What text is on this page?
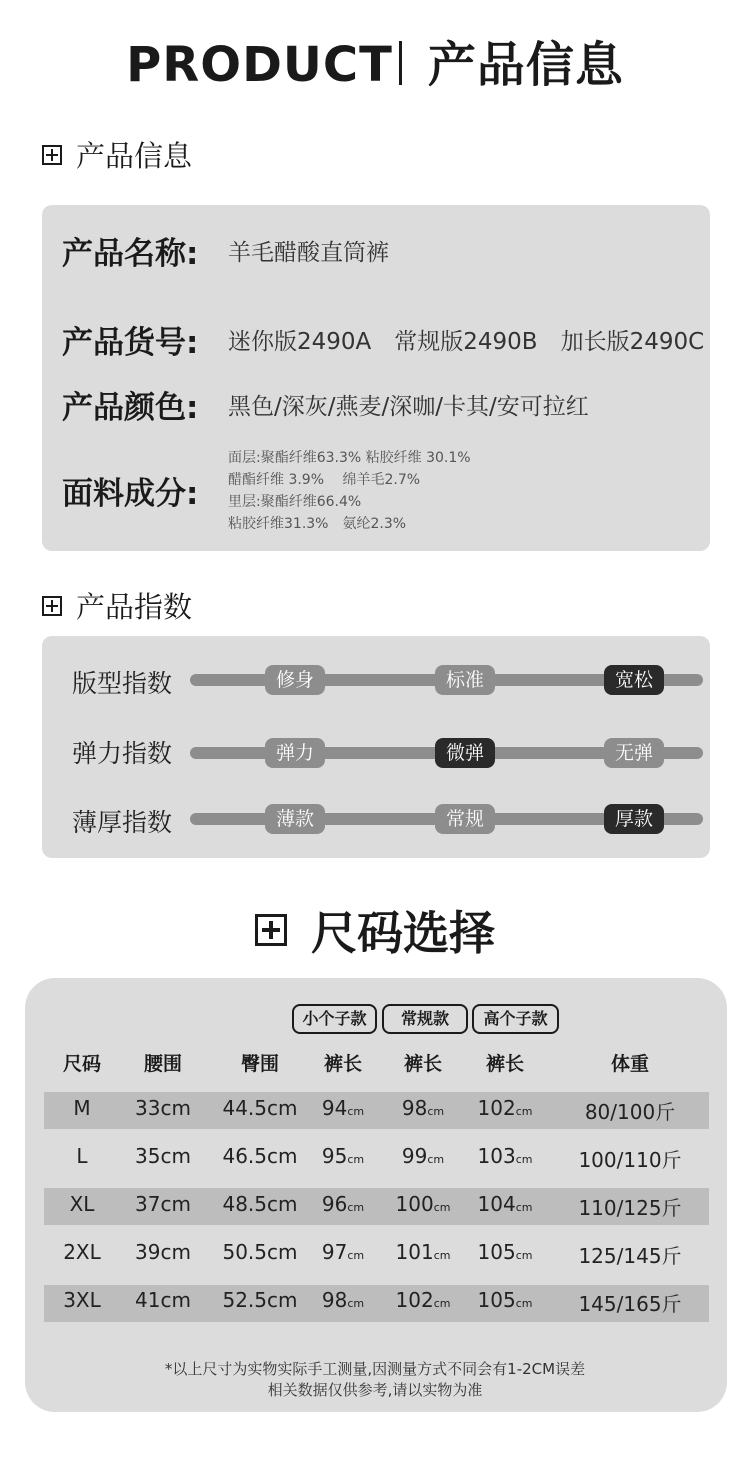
PRODUCT 产品信息
产品信息
产品名称: 羊毛醋酸直筒裤
产品货号: 迷你版2490A　常规版2490B　加长版2490C
产品颜色: 黑色/深灰/燕麦/深咖/卡其/安可拉红
面料成分:
面层:聚酯纤维63.3% 粘胶纤维 30.1%
醋酯纤维 3.9%　 绵羊毛2.7%
里层:聚酯纤维66.4%
粘胶纤维31.3%　氨纶2.3%
产品指数
版型指数	修身	标准	宽松
弹力指数	弹力	微弹	无弹
薄厚指数	薄款	常规	厚款
尺码选择
小个子款	常规款	高个子款
尺码	腰围	臀围	裤长	裤长	裤长	体重
M	33cm	44.5cm	94cm	98cm	102cm	80/100斤
L	35cm	46.5cm	95cm	99cm	103cm	100/110斤
XL	37cm	48.5cm	96cm	100cm 104cm	110/125斤
2XL	39cm	50.5cm	97cm	101cm 105cm	125/145斤
3XL	41cm	52.5cm	98cm	102cm 105cm	145/165斤
*以上尺寸为实物实际手工测量,因测量方式不同会有1-2CM误差
相关数据仅供参考,请以实物为准
